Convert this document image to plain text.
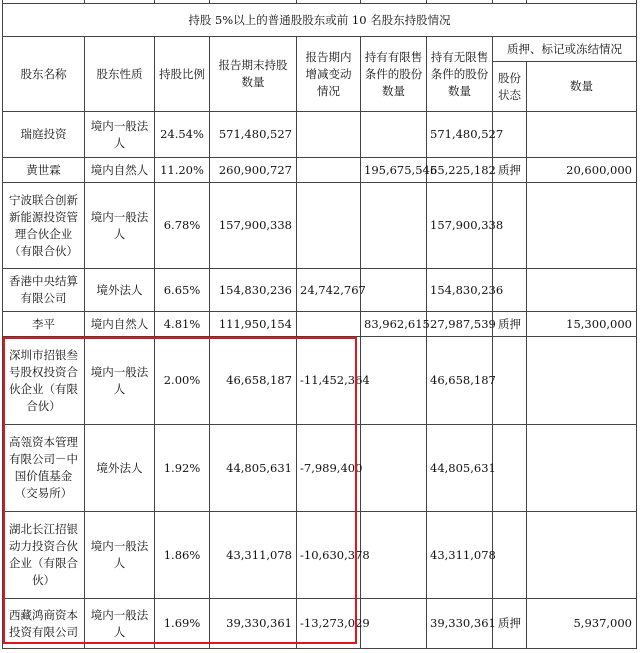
持股 5%以上的普通股股东或前 10 名股东持股情况								
股东名称	股东性质	持股比例	报告期末持股数量	报告期内增减变动情况	持有有限售条件的股份数量	持有无限售条件的股份数量	质押、标记或冻结情况	
							股份状态	数量
瑞庭投资	境内一般法人	24.54%	571,480,527			571,480,527		
黄世霖	境内自然人	11.20%	260,900,727		195,675,545	65,225,182	质押	20,600,000
宁波联合创新新能源投资管理合伙企业（有限合伙）	境内一般法人	6.78%	157,900,338			157,900,338		
香港中央结算有限公司	境外法人	6.65%	154,830,236	24,742,767		154,830,236		
李平	境内自然人	4.81%	111,950,154		83,962,615	27,987,539	质押	15,300,000
深圳市招银叁号股权投资合伙企业（有限合伙）	境内一般法人	2.00%	46,658,187	-11,452,364		46,658,187		
高瓴资本管理有限公司－中国价值基金（交易所）	境外法人	1.92%	44,805,631	-7,989,400		44,805,631		
湖北长江招银动力投资合伙企业（有限合伙）	境内一般法人	1.86%	43,311,078	-10,630,378		43,311,078		
西藏鸿商资本投资有限公司	境内一般法人	1.69%	39,330,361	-13,273,029		39,330,361	质押	5,937,000
